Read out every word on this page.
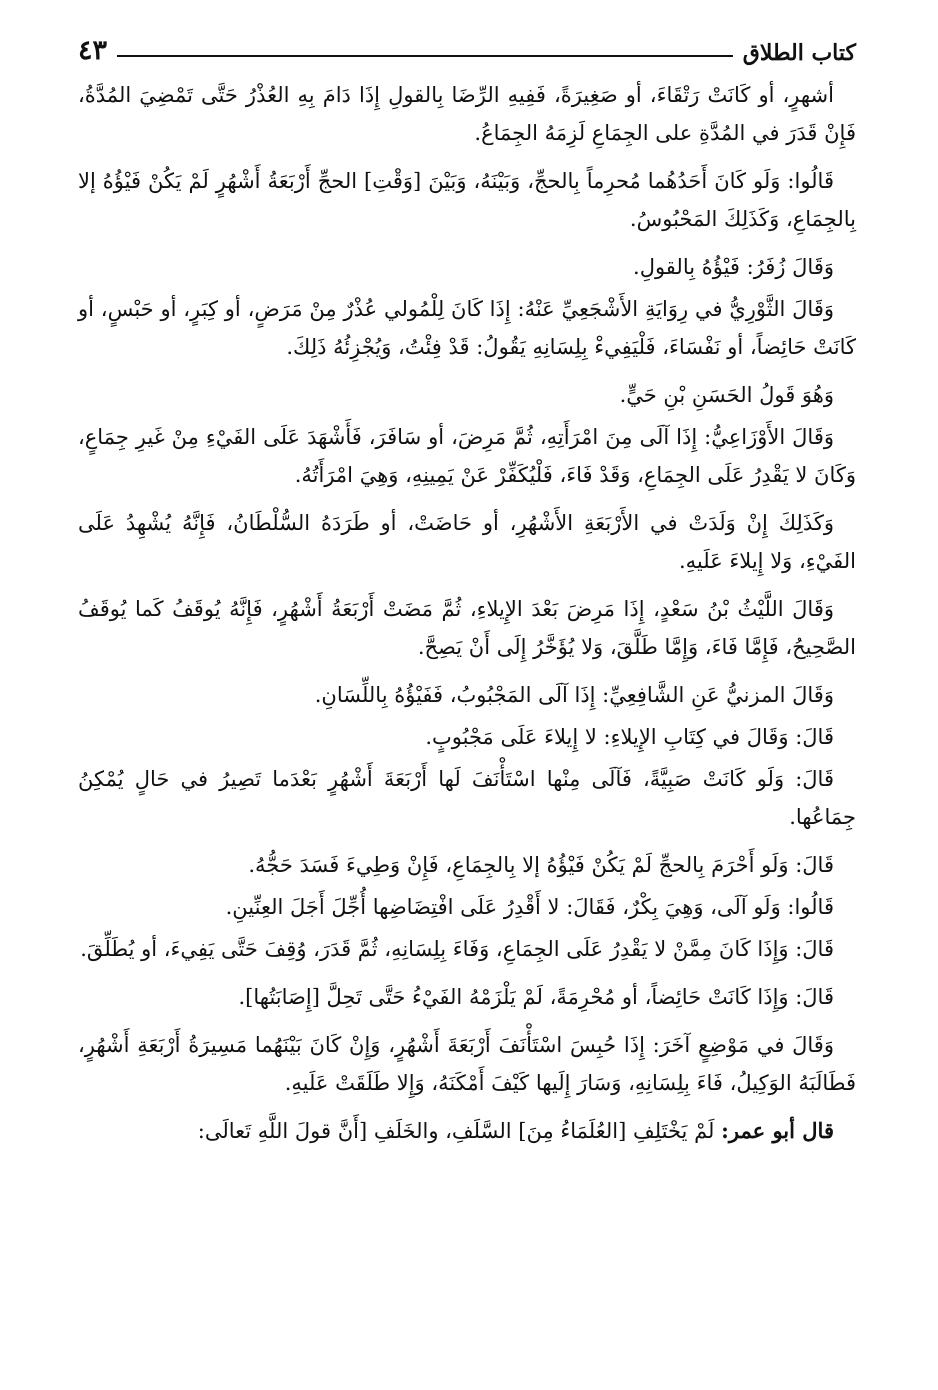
كتاب الطلاق
٤٣

أشهرٍ، أو كَانَتْ رَتْقَاءَ، أو صَغِيرَةً، فَفِيهِ الرِّضَا بِالقولِ إِذَا دَامَ بِهِ العُذْرُ حَتَّى تَمْضِيَ المُدَّةُ، فَإِنْ قَدَرَ في المُدَّةِ على الجِمَاعِ لَزِمَهُ الجِمَاعُ.

قَالُوا: وَلَو كَانَ أَحَدُهُما مُحرِماً بِالحجِّ، وَبَيْنَهُ، وَبَيْنَ [وَقْتِ] الحجِّ أَرْبَعَةُ أَشْهُرٍ لَمْ يَكُنْ فَيْؤُهُ إلا بِالجِمَاعِ، وَكَذَلِكَ المَحْبُوسُ.

وَقَالَ زُفَرُ: فَيْؤُهُ بِالقولِ.

وَقَالَ الثَّوْرِيُّ في رِوَايَةِ الأَشْجَعِيِّ عَنْهُ: إِذَا كَانَ لِلْمُولي عُذْرٌ مِنْ مَرَضٍ، أو كِبَرٍ، أو حَبْسٍ، أو كَانَتْ حَائِضاً، أو نَفْسَاءَ، فَلْيَفِيءْ بِلِسَانِهِ يَقُولُ: قَدْ فِئْتُ، وَيُجْزِئُهُ ذَلِكَ.

وَهُوَ قَولُ الحَسَنِ بْنِ حَيٍّ.

وَقَالَ الأَوْزَاعِيُّ: إِذَا آلَى مِنَ امْرَأَتِهِ، ثُمَّ مَرِضَ، أو سَافَرَ، فَأَشْهَدَ عَلَى الفَيْءِ مِنْ غَيرِ جِمَاعٍ، وَكَانَ لا يَقْدِرُ عَلَى الجِمَاعِ، وَقَدْ فَاءَ، فَلْيُكَفِّرْ عَنْ يَمِينِهِ، وَهِيَ امْرَأَتُهُ.

وَكَذَلِكَ إِنْ وَلَدَتْ في الأَرْبَعَةِ الأَشْهُرِ، أو حَاضَتْ، أو طَرَدَهُ السُّلْطَانُ، فَإِنَّهُ يُشْهِدُ عَلَى الفَيْءِ، وَلا إِيلاءَ عَلَيهِ.

وَقَالَ اللَّيْثُ بْنُ سَعْدٍ، إِذَا مَرِضَ بَعْدَ الإِيلاءِ، ثُمَّ مَضَتْ أَرْبَعَةُ أَشْهُرٍ، فَإِنَّهُ يُوقَفُ كَما يُوقَفُ الصَّحِيحُ، فَإِمَّا فَاءَ، وَإِمَّا طَلَّقَ، وَلا يُؤَخَّرُ إِلَى أَنْ يَصِحَّ.

وَقَالَ المزنيُّ عَنِ الشَّافِعِيِّ: إِذَا آلَى المَجْبُوبُ، فَفَيْؤُهُ بِاللِّسَانِ.

قَالَ: وَقَالَ في كِتَابِ الإِيلاءِ: لا إِيلاءَ عَلَى مَجْبُوبٍ.

قَالَ: وَلَو كَانَتْ صَبِيَّةً، فَآلَى مِنْها اسْتَأْنَفَ لَها أَرْبَعَةَ أَشْهُرٍ بَعْدَما تَصِيرُ في حَالٍ يُمْكِنُ جِمَاعُها.

قَالَ: وَلَو أَحْرَمَ بِالحجِّ لَمْ يَكُنْ فَيْؤُهُ إلا بِالجِمَاعِ، فَإِنْ وَطِيءَ فَسَدَ حَجُّهُ.

قَالُوا: وَلَو آلَى، وَهِيَ بِكْرٌ، فَقَالَ: لا أَقْدِرُ عَلَى افْتِضَاضِها أُجِّلَ أَجَلَ العِنِّينِ.

قَالَ: وَإِذَا كَانَ مِمَّنْ لا يَقْدِرُ عَلَى الجِمَاعِ، وَفَاءَ بِلِسَانِهِ، ثُمَّ قَدَرَ، وُقِفَ حَتَّى يَفِيءَ، أو يُطَلِّقَ.

قَالَ: وَإِذَا كَانَتْ حَائِضاً، أو مُحْرِمَةً، لَمْ يَلْزَمْهُ الفَيْءُ حَتَّى تَحِلَّ [إِصَابَتُها].

وَقَالَ في مَوْضِعٍ آخَرَ: إِذَا حُبِسَ اسْتَأْنَفَ أَرْبَعَةَ أَشْهُرٍ، وَإِنْ كَانَ بَيْنَهُما مَسِيرَةُ أَرْبَعَةِ أَشْهُرٍ، فَطَالَبَهُ الوَكِيلُ، فَاءَ بِلِسَانِهِ، وَسَارَ إِلَيها كَيْفَ أَمْكَنَهُ، وَإِلا طَلَقَتْ عَلَيهِ.

قال أبو عمر: لَمْ يَخْتَلِفِ [العُلَمَاءُ مِنَ] السَّلَفِ، والخَلَفِ [أَنَّ قولَ اللَّهِ تَعالَى:
